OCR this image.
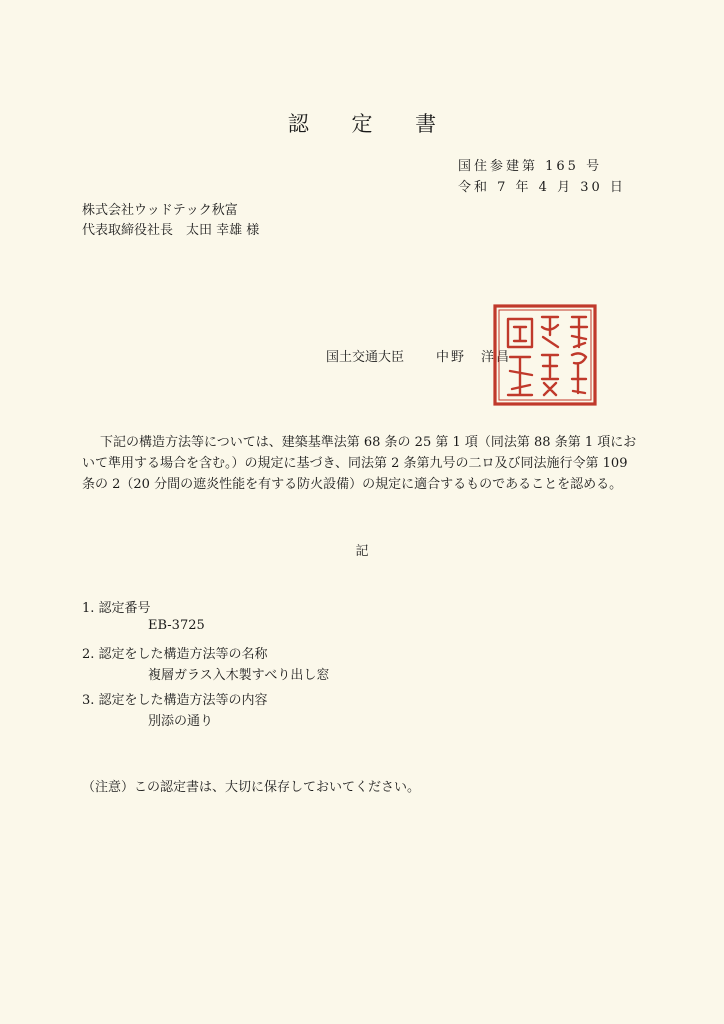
認 定 書
国住参建第 165 号
令和 7 年 4 月 30 日
株式会社ウッドテック秋富
代表取締役社長　太田 幸雄 様
国土交通大臣 中野　洋昌
下記の構造方法等については、建築基準法第 68 条の 25 第 1 項（同法第 88 条第 1 項において準用する場合を含む。）の規定に基づき、同法第 2 条第九号の二ロ及び同法施行令第 109 条の 2（20 分間の遮炎性能を有する防火設備）の規定に適合するものであることを認める。
記
1. 認定番号
EB-3725
2. 認定をした構造方法等の名称
複層ガラス入木製すべり出し窓
3. 認定をした構造方法等の内容
別添の通り
（注意）この認定書は、大切に保存しておいてください。
